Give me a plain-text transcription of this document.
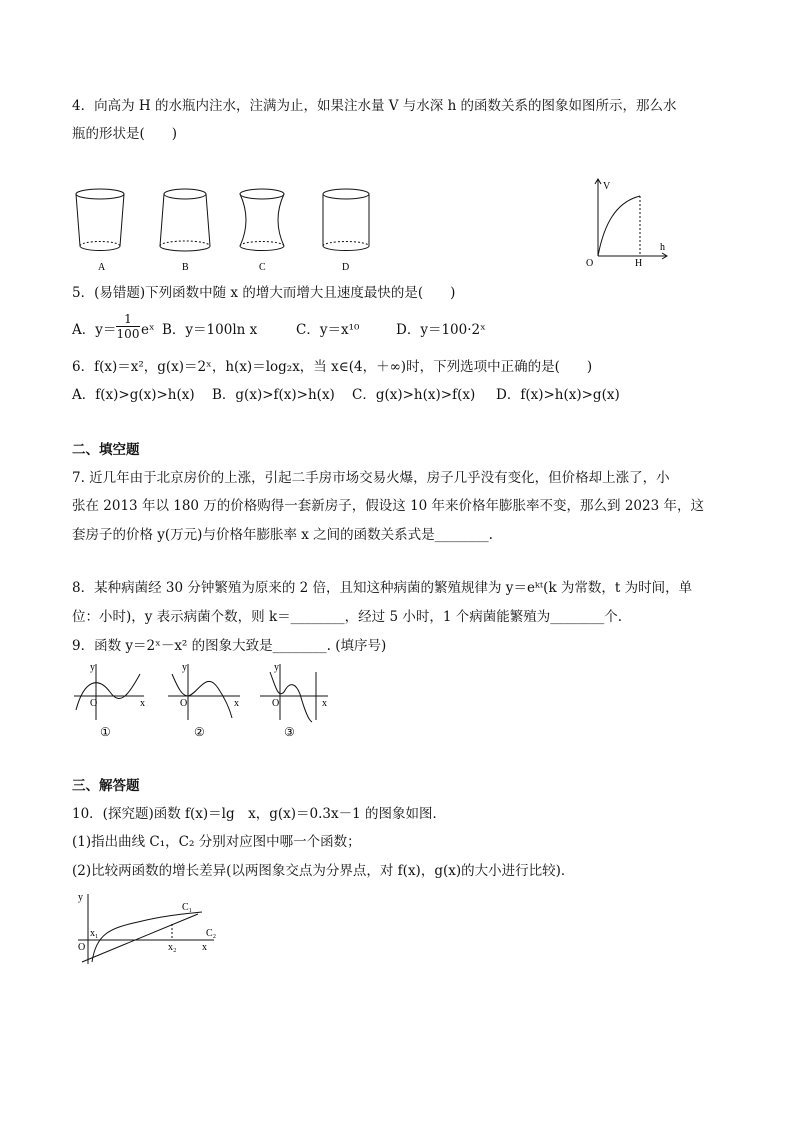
4．向高为 H 的水瓶内注水，注满为止，如果注水量 V 与水深 h 的函数关系的图象如图所示，那么水
瓶的形状是(　　)
A	B	C	D
V
h
O	H
5．(易错题)下列函数中随 x 的增大而增大且速度最快的是(　　)
A．$y= \frac{1}{100}$ eˣ B．y＝100ln x	C．y＝x¹⁰	D．y＝100·2ˣ
6．f(x)＝x²，g(x)＝2ˣ，h(x)＝log₂x，当 x∈(4，＋∞)时，下列选项中正确的是(　　)
A．f(x)>g(x)>h(x) B．g(x)>f(x)>h(x) C．g(x)>h(x)>f(x) D．f(x)>h(x)>g(x)
二、填空题
7. 近几年由于北京房价的上涨，引起二手房市场交易火爆，房子几乎没有变化，但价格却上涨了，小
张在 2013 年以 180 万的价格购得一套新房子，假设这 10 年来价格年膨胀率不变，那么到 2023 年，这
套房子的价格 y(万元)与价格年膨胀率 x 之间的函数关系式是________.
8．某种病菌经 30 分钟繁殖为原来的 2 倍，且知这种病菌的繁殖规律为 y＝eᵏᵗ(k 为常数，t 为时间，单
位：小时)，y 表示病菌个数，则 k＝________，经过 5 小时，1 个病菌能繁殖为________个.
9．函数 y＝2ˣ－x² 的图象大致是________. (填序号)
y
x
O
y
x
O
y
x
O
①	②	③
三、解答题
10．(探究题)函数 f(x)＝lg　x，g(x)＝0.3x－1 的图象如图．
(1)指出曲线 C₁，C₂ 分别对应图中哪一个函数；
(2)比较两函数的增长差异(以两图象交点为分界点，对 f(x)，g(x)的大小进行比较)．
y
x
O
x₁
x₂
C₁
C₂
